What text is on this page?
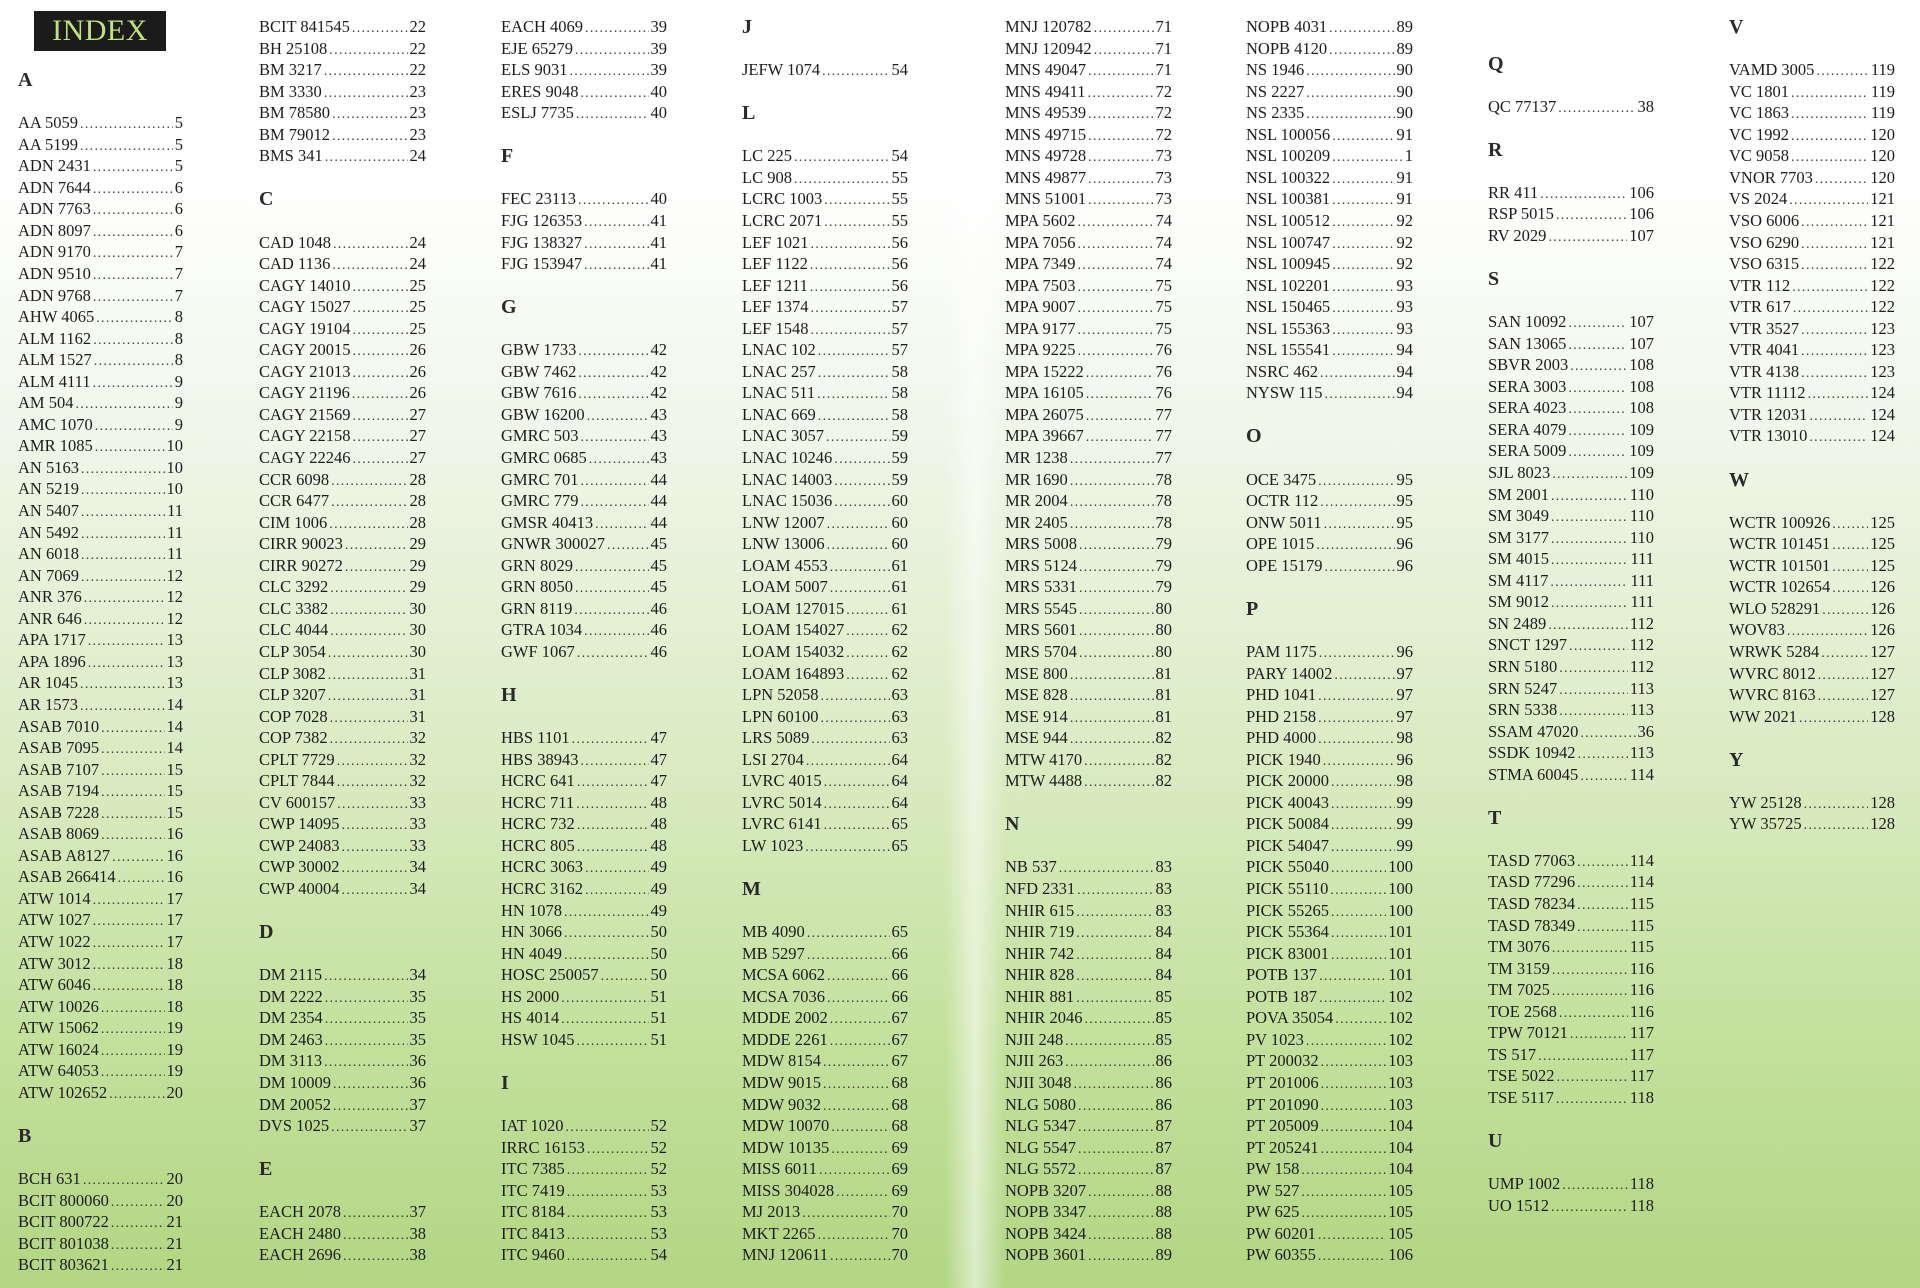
INDEX
A
AA 5059 .....	5
AA 5199 .....	5
ADN 2431 .....	5
ADN 7644 .....	6
ADN 7763 .....	6
ADN 8097 .....	6
ADN 9170 .....	7
ADN 9510 .....	7
ADN 9768 .....	7
AHW 4065 .....	8
ALM 1162 .....	8
ALM 1527 .....	8
ALM 4111 .....	9
AM 504 .....	9
AMC 1070 .....	9
AMR 1085 .....	10
AN 5163 .....	10
AN 5219 .....	10
AN 5407 .....	11
AN 5492 .....	11
AN 6018 .....	11
AN 7069 .....	12
ANR 376 .....	12
ANR 646 .....	12
APA 1717 .....	13
APA 1896 .....	13
AR 1045 .....	13
AR 1573 .....	14
ASAB 7010 .....	14
ASAB 7095 .....	14
ASAB 7107 .....	15
ASAB 7194 .....	15
ASAB 7228 .....	15
ASAB 8069 .....	16
ASAB A8127 .....	16
ASAB 266414 .....	16
ATW 1014 .....	17
ATW 1027 .....	17
ATW 1022 .....	17
ATW 3012 .....	18
ATW 6046 .....	18
ATW 10026 .....	18
ATW 15062 .....	19
ATW 16024 .....	19
ATW 64053 .....	19
ATW 102652 .....	20
B
BCH 631 .....	20
BCIT 800060 .....	20
BCIT 800722 .....	21
BCIT 801038 .....	21
BCIT 803621 .....	21
BCIT 841545 .....	22
BH 25108 .....	22
BM 3217 .....	22
BM 3330 .....	23
BM 78580 .....	23
BM 79012 .....	23
BMS 341 .....	24
C
CAD 1048 .....	24
CAD 1136 .....	24
CAGY 14010 .....	25
CAGY 15027 .....	25
CAGY 19104 .....	25
CAGY 20015 .....	26
CAGY 21013 .....	26
CAGY 21196 .....	26
CAGY 21569 .....	27
CAGY 22158 .....	27
CAGY 22246 .....	27
CCR 6098 .....	28
CCR 6477 .....	28
CIM 1006 .....	28
CIRR 90023 .....	29
CIRR 90272 .....	29
CLC 3292 .....	29
CLC 3382 .....	30
CLC 4044 .....	30
CLP 3054 .....	30
CLP 3082 .....	31
CLP 3207 .....	31
COP 7028 .....	31
COP 7382 .....	32
CPLT 7729 .....	32
CPLT 7844 .....	32
CV 600157 .....	33
CWP 14095 .....	33
CWP 24083 .....	33
CWP 30002 .....	34
CWP 40004 .....	34
D
DM 2115 .....	34
DM 2222 .....	35
DM 2354 .....	35
DM 2463 .....	35
DM 3113 .....	36
DM 10009 .....	36
DM 20052 .....	37
DVS 1025 .....	37
E
EACH 2078 .....	37
EACH 2480 .....	38
EACH 2696 .....	38
EACH 4069 .....	39
EJE 65279 .....	39
ELS 9031 .....	39
ERES 9048 .....	40
ESLJ 7735 .....	40
F
FEC 23113 .....	40
FJG 126353 .....	41
FJG 138327 .....	41
FJG 153947 .....	41
G
GBW 1733 .....	42
GBW 7462 .....	42
GBW 7616 .....	42
GBW 16200 .....	43
GMRC 503 .....	43
GMRC 0685 .....	43
GMRC 701 .....	44
GMRC 779 .....	44
GMSR 40413 .....	44
GNWR 300027 .....	45
GRN 8029 .....	45
GRN 8050 .....	45
GRN 8119 .....	46
GTRA 1034 .....	46
GWF 1067 .....	46
H
HBS 1101 .....	47
HBS 38943 .....	47
HCRC 641 .....	47
HCRC 711 .....	48
HCRC 732 .....	48
HCRC 805 .....	48
HCRC 3063 .....	49
HCRC 3162 .....	49
HN 1078 .....	49
HN 3066 .....	50
HN 4049 .....	50
HOSC 250057 .....	50
HS 2000 .....	51
HS 4014 .....	51
HSW 1045 .....	51
I
IAT 1020 .....	52
IRRC 16153 .....	52
ITC 7385 .....	52
ITC 7419 .....	53
ITC 8184 .....	53
ITC 8413 .....	53
ITC 9460 .....	54
J
JEFW 1074 .....	54
L
LC 225 .....	54
LC 908 .....	55
LCRC 1003 .....	55
LCRC 2071 .....	55
LEF 1021 .....	56
LEF 1122 .....	56
LEF 1211 .....	56
LEF 1374 .....	57
LEF 1548 .....	57
LNAC 102 .....	57
LNAC 257 .....	58
LNAC 511 .....	58
LNAC 669 .....	58
LNAC 3057 .....	59
LNAC 10246 .....	59
LNAC 14003 .....	59
LNAC 15036 .....	60
LNW 12007 .....	60
LNW 13006 .....	60
LOAM 4553 .....	61
LOAM 5007 .....	61
LOAM 127015 .....	61
LOAM 154027 .....	62
LOAM 154032 .....	62
LOAM 164893 .....	62
LPN 52058 .....	63
LPN 60100 .....	63
LRS 5089 .....	63
LSI 2704 .....	64
LVRC 4015 .....	64
LVRC 5014 .....	64
LVRC 6141 .....	65
LW 1023 .....	65
M
MB 4090 .....	65
MB 5297 .....	66
MCSA 6062 .....	66
MCSA 7036 .....	66
MDDE 2002 .....	67
MDDE 2261 .....	67
MDW 8154 .....	67
MDW 9015 .....	68
MDW 9032 .....	68
MDW 10070 .....	68
MDW 10135 .....	69
MISS 6011 .....	69
MISS 304028 .....	69
MJ 2013 .....	70
MKT 2265 .....	70
MNJ 120611 .....	70
MNJ 120782 .....	71
MNJ 120942 .....	71
MNS 49047 .....	71
MNS 49411 .....	72
MNS 49539 .....	72
MNS 49715 .....	72
MNS 49728 .....	73
MNS 49877 .....	73
MNS 51001 .....	73
MPA 5602 .....	74
MPA 7056 .....	74
MPA 7349 .....	74
MPA 7503 .....	75
MPA 9007 .....	75
MPA 9177 .....	75
MPA 9225 .....	76
MPA 15222 .....	76
MPA 16105 .....	76
MPA 26075 .....	77
MPA 39667 .....	77
MR 1238 .....	77
MR 1690 .....	78
MR 2004 .....	78
MR 2405 .....	78
MRS 5008 .....	79
MRS 5124 .....	79
MRS 5331 .....	79
MRS 5545 .....	80
MRS 5601 .....	80
MRS 5704 .....	80
MSE 800 .....	81
MSE 828 .....	81
MSE 914 .....	81
MSE 944 .....	82
MTW 4170 .....	82
MTW 4488 .....	82
N
NB 537 .....	83
NFD 2331 .....	83
NHIR 615 .....	83
NHIR 719 .....	84
NHIR 742 .....	84
NHIR 828 .....	84
NHIR 881 .....	85
NHIR 2046 .....	85
NJII 248 .....	85
NJII 263 .....	86
NJII 3048 .....	86
NLG 5080 .....	86
NLG 5347 .....	87
NLG 5547 .....	87
NLG 5572 .....	87
NOPB 3207 .....	88
NOPB 3347 .....	88
NOPB 3424 .....	88
NOPB 3601 .....	89
NOPB 4031 .....	89
NOPB 4120 .....	89
NS 1946 .....	90
NS 2227 .....	90
NS 2335 .....	90
NSL 100056 .....	91
NSL 100209 .....	1
NSL 100322 .....	91
NSL 100381 .....	91
NSL 100512 .....	92
NSL 100747 .....	92
NSL 100945 .....	92
NSL 102201 .....	93
NSL 150465 .....	93
NSL 155363 .....	93
NSL 155541 .....	94
NSRC 462 .....	94
NYSW 115 .....	94
O
OCE 3475 .....	95
OCTR 112 .....	95
ONW 5011 .....	95
OPE 1015 .....	96
OPE 15179 .....	96
P
PAM 1175 .....	96
PARY 14002 .....	97
PHD 1041 .....	97
PHD 2158 .....	97
PHD 4000 .....	98
PICK 1940 .....	96
PICK 20000 .....	98
PICK 40043 .....	99
PICK 50084 .....	99
PICK 54047 .....	99
PICK 55040 .....	100
PICK 55110 .....	100
PICK 55265 .....	100
PICK 55364 .....	101
PICK 83001 .....	101
POTB 137 .....	101
POTB 187 .....	102
POVA 35054 .....	102
PV 1023 .....	102
PT 200032 .....	103
PT 201006 .....	103
PT 201090 .....	103
PT 205009 .....	104
PT 205241 .....	104
PW 158 .....	104
PW 527 .....	105
PW 625 .....	105
PW 60201 .....	105
PW 60355 .....	106
Q
QC 77137 .....	38
R
RR 411 .....	106
RSP 5015 .....	106
RV 2029 .....	107
S
SAN 10092 .....	107
SAN 13065 .....	107
SBVR 2003 .....	108
SERA 3003 .....	108
SERA 4023 .....	108
SERA 4079 .....	109
SERA 5009 .....	109
SJL 8023 .....	109
SM 2001 .....	110
SM 3049 .....	110
SM 3177 .....	110
SM 4015 .....	111
SM 4117 .....	111
SM 9012 .....	111
SN 2489 .....	112
SNCT 1297 .....	112
SRN 5180 .....	112
SRN 5247 .....	113
SRN 5338 .....	113
SSAM 47020 .....	36
SSDK 10942 .....	113
STMA 60045 .....	114
T
TASD 77063 .....	114
TASD 77296 .....	114
TASD 78234 .....	115
TASD 78349 .....	115
TM 3076 .....	115
TM 3159 .....	116
TM 7025 .....	116
TOE 2568 .....	116
TPW 70121 .....	117
TS 517 .....	117
TSE 5022 .....	117
TSE 5117 .....	118
U
UMP 1002 .....	118
UO 1512 .....	118
V
VAMD 3005 .....	119
VC 1801 .....	119
VC 1863 .....	119
VC 1992 .....	120
VC 9058 .....	120
VNOR 7703 .....	120
VS 2024 .....	121
VSO 6006 .....	121
VSO 6290 .....	121
VSO 6315 .....	122
VTR 112 .....	122
VTR 617 .....	122
VTR 3527 .....	123
VTR 4041 .....	123
VTR 4138 .....	123
VTR 11112 .....	124
VTR 12031 .....	124
VTR 13010 .....	124
W
WCTR 100926 ..... 125
WCTR 101451 ..... 125
WCTR 101501 ..... 125
WCTR 102654 ..... 126
WLO 528291 .....	126
WOV83 .....	126
WRWK 5284 .....	127
WVRC 8012 .....	127
WVRC 8163 .....	127
WW 2021 .....	128
Y
YW 25128 .....	128
YW 35725 .....	128
